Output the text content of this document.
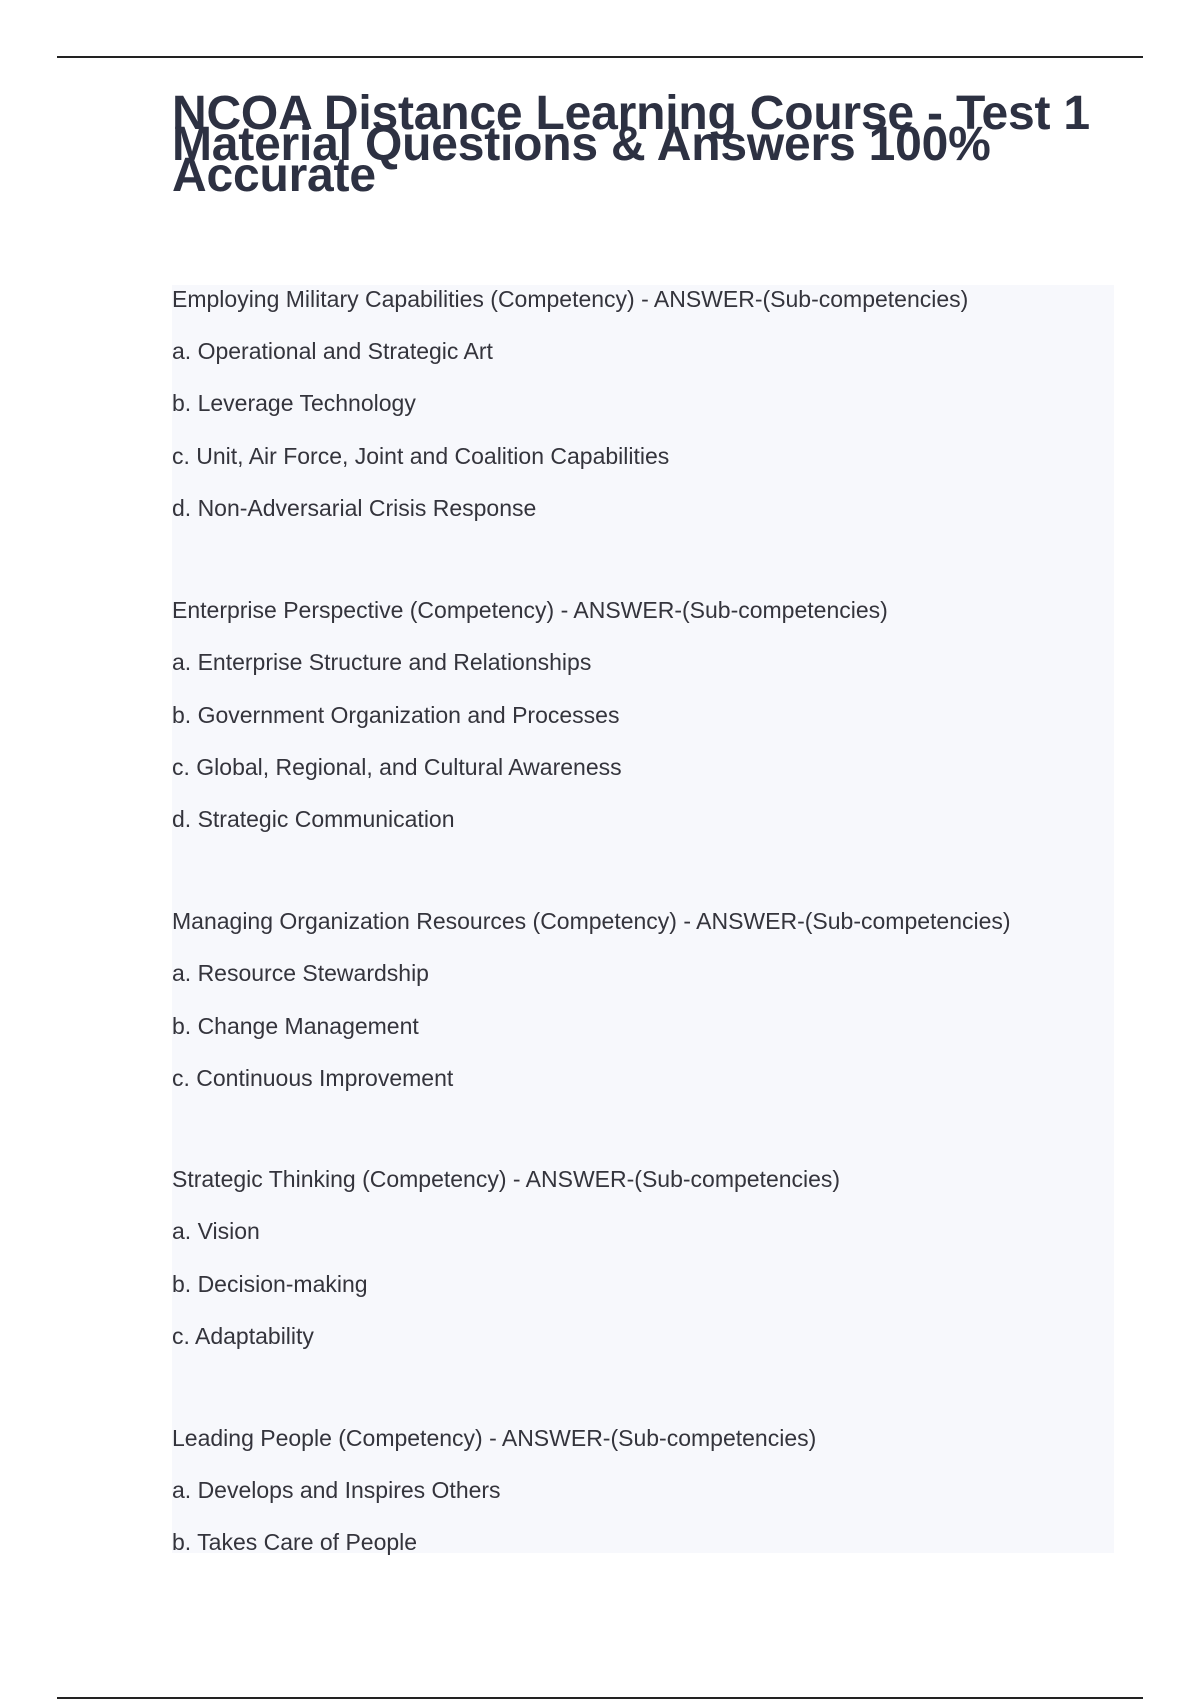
NCOA Distance Learning Course - Test 1 Material Questions & Answers 100% Accurate
Employing Military Capabilities (Competency) - ANSWER-(Sub-competencies)
a. Operational and Strategic Art
b. Leverage Technology
c. Unit, Air Force, Joint and Coalition Capabilities
d. Non-Adversarial Crisis Response
Enterprise Perspective (Competency) - ANSWER-(Sub-competencies)
a. Enterprise Structure and Relationships
b. Government Organization and Processes
c. Global, Regional, and Cultural Awareness
d. Strategic Communication
Managing Organization Resources (Competency) - ANSWER-(Sub-competencies)
a. Resource Stewardship
b. Change Management
c. Continuous Improvement
Strategic Thinking (Competency) - ANSWER-(Sub-competencies)
a. Vision
b. Decision-making
c. Adaptability
Leading People (Competency) - ANSWER-(Sub-competencies)
a. Develops and Inspires Others
b. Takes Care of People
